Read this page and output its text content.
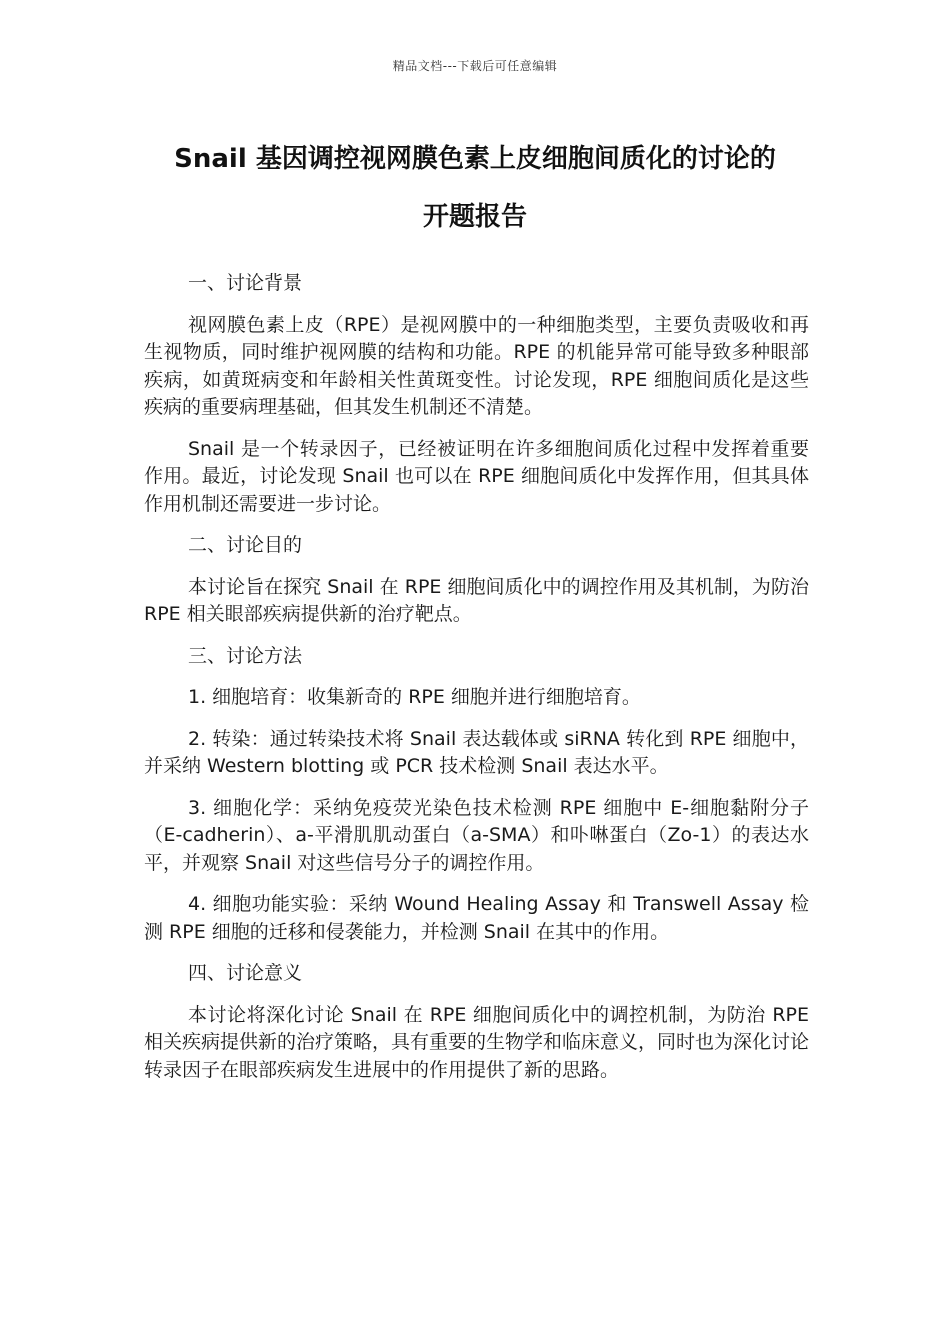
精品文档---下载后可任意编辑
Snail 基因调控视网膜色素上皮细胞间质化的讨论的
开题报告
一、讨论背景

视网膜色素上皮（RPE）是视网膜中的一种细胞类型，主要负责吸收和再生视物质，同时维护视网膜的结构和功能。RPE 的机能异常可能导致多种眼部疾病，如黄斑病变和年龄相关性黄斑变性。讨论发现，RPE 细胞间质化是这些疾病的重要病理基础，但其发生机制还不清楚。

Snail 是一个转录因子，已经被证明在许多细胞间质化过程中发挥着重要作用。最近，讨论发现 Snail 也可以在 RPE 细胞间质化中发挥作用，但其具体作用机制还需要进一步讨论。

二、讨论目的

本讨论旨在探究 Snail 在 RPE 细胞间质化中的调控作用及其机制，为防治 RPE 相关眼部疾病提供新的治疗靶点。

三、讨论方法

1. 细胞培育：收集新奇的 RPE 细胞并进行细胞培育。

2. 转染：通过转染技术将 Snail 表达载体或 siRNA 转化到 RPE 细胞中，并采纳 Western blotting 或 PCR 技术检测 Snail 表达水平。

3. 细胞化学：采纳免疫荧光染色技术检测 RPE 细胞中 E-细胞黏附分子（E-cadherin）、a-平滑肌肌动蛋白（a-SMA）和卟啉蛋白（Zo-1）的表达水平，并观察 Snail 对这些信号分子的调控作用。

4. 细胞功能实验：采纳 Wound Healing Assay 和 Transwell Assay 检测 RPE 细胞的迁移和侵袭能力，并检测 Snail 在其中的作用。

四、讨论意义

本讨论将深化讨论 Snail 在 RPE 细胞间质化中的调控机制，为防治 RPE 相关疾病提供新的治疗策略，具有重要的生物学和临床意义，同时也为深化讨论转录因子在眼部疾病发生进展中的作用提供了新的思路。
